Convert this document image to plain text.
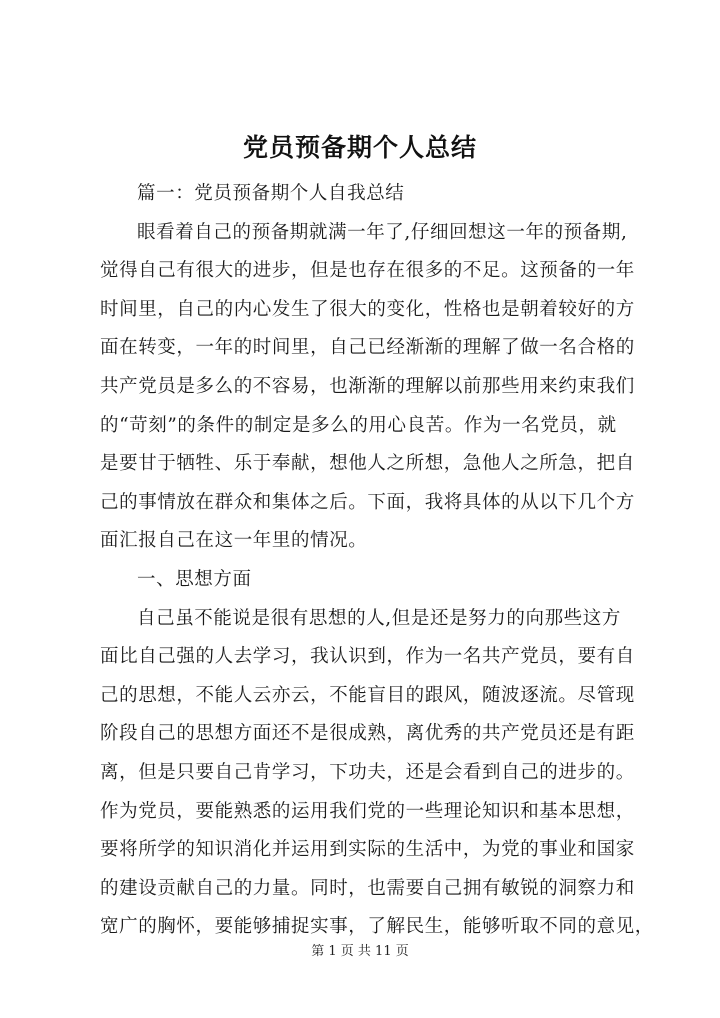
党员预备期个人总结
篇一：党员预备期个人自我总结
眼看着自己的预备期就满一年了,仔细回想这一年的预备期,
觉得自己有很大的进步，但是也存在很多的不足。这预备的一年
时间里，自己的内心发生了很大的变化，性格也是朝着较好的方
面在转变，一年的时间里，自己已经渐渐的理解了做一名合格的
共产党员是多么的不容易，也渐渐的理解以前那些用来约束我们
的“苛刻”的条件的制定是多么的用心良苦。作为一名党员，就
是要甘于牺牲、乐于奉献，想他人之所想，急他人之所急，把自
己的事情放在群众和集体之后。下面，我将具体的从以下几个方
面汇报自己在这一年里的情况。
一、思想方面
自己虽不能说是很有思想的人,但是还是努力的向那些这方
面比自己强的人去学习，我认识到，作为一名共产党员，要有自
己的思想，不能人云亦云，不能盲目的跟风，随波逐流。尽管现
阶段自己的思想方面还不是很成熟，离优秀的共产党员还是有距
离，但是只要自己肯学习，下功夫，还是会看到自己的进步的。
作为党员，要能熟悉的运用我们党的一些理论知识和基本思想，
要将所学的知识消化并运用到实际的生活中，为党的事业和国家
的建设贡献自己的力量。同时，也需要自己拥有敏锐的洞察力和
宽广的胸怀，要能够捕捉实事，了解民生，能够听取不同的意见，
第 1 页 共 11 页
